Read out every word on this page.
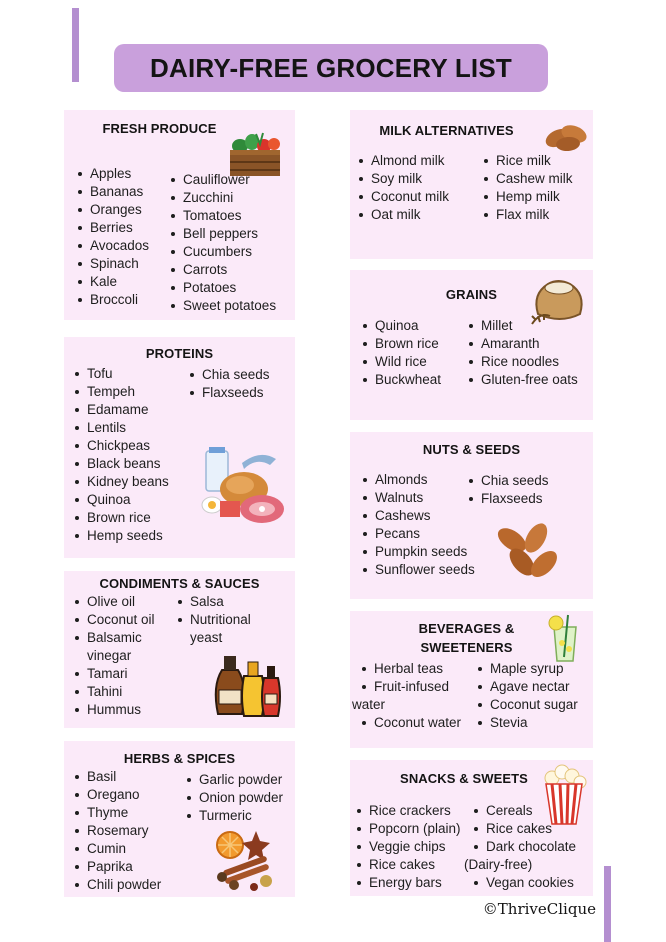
DAIRY-FREE GROCERY LIST
FRESH PRODUCE
Apples
Bananas
Oranges
Berries
Avocados
Spinach
Kale
Broccoli
Cauliflower
Zucchini
Tomatoes
Bell peppers
Cucumbers
Carrots
Potatoes
Sweet potatoes
PROTEINS
Tofu
Tempeh
Edamame
Lentils
Chickpeas
Black beans
Kidney beans
Quinoa
Brown rice
Hemp seeds
Chia seeds
Flaxseeds
CONDIMENTS & SAUCES
Olive oil
Coconut oil
Balsamic
vinegar
Tamari
Tahini
Hummus
Salsa
Nutritional
yeast
HERBS & SPICES
Basil
Oregano
Thyme
Rosemary
Cumin
Paprika
Chili powder
Garlic powder
Onion powder
Turmeric
MILK ALTERNATIVES
Almond milk
Soy milk
Coconut milk
Oat milk
Rice milk
Cashew milk
Hemp milk
Flax milk
GRAINS
Quinoa
Brown rice
Wild rice
Buckwheat
Millet
Amaranth
Rice noodles
Gluten-free oats
NUTS & SEEDS
Almonds
Walnuts
Cashews
Pecans
Pumpkin seeds
Sunflower seeds
Chia seeds
Flaxseeds
BEVERAGES &
SWEETENERS
Herbal teas
Fruit-infused
water
Coconut water
Maple syrup
Agave nectar
Coconut sugar
Stevia
SNACKS & SWEETS
Rice crackers
Popcorn (plain)
Veggie chips
Rice cakes
Energy bars
Cereals
Rice cakes
Dark chocolate
(Dairy-free)
Vegan cookies
©ThriveClique
